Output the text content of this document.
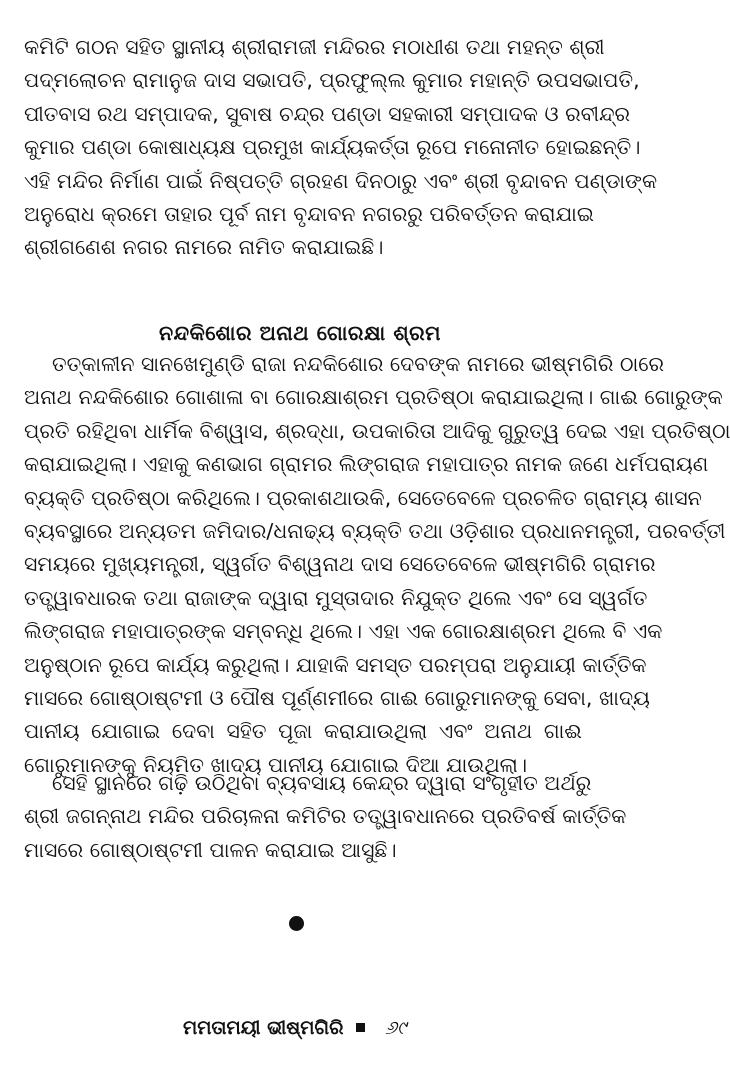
କମିଟି ଗଠନ ସହିତ ସ୍ଥାନୀୟ ଶ୍ରୀରାମଜୀ ମନ୍ଦିରର ମଠାଧୀଶ ତଥା ମହନ୍ତ ଶ୍ରୀ
ପଦ୍ମଲୋଚନ ରାମାନୁଜ ଦାସ ସଭାପତି, ପ୍ରଫୁଲ୍ଲ କୁମାର ମହାନ୍ତି ଉପସଭାପତି,
ପୀତବାସ ରଥ ସମ୍ପାଦକ, ସୁବାଷ ଚନ୍ଦ୍ର ପଣ୍ଡା ସହକାରୀ ସମ୍ପାଦକ ଓ ରବୀନ୍ଦ୍ର
କୁମାର ପଣ୍ଡା କୋଷାଧ୍ୟକ୍ଷ ପ୍ରମୁଖ କାର୍ଯ୍ୟକର୍ତ୍ତା ରୂପେ ମନୋନୀତ ହୋଇଛନ୍ତି।
ଏହି ମନ୍ଦିର ନିର୍ମାଣ ପାଇଁ ନିଷ୍ପତ୍ତି ଗ୍ରହଣ ଦିନଠାରୁ ଏବଂ ଶ୍ରୀ ବୃନ୍ଦାବନ ପଣ୍ଡାଙ୍କ
ଅନୁରୋଧ କ୍ରମେ ତାହାର ପୂର୍ବ ନାମ ବୃନ୍ଦାବନ ନଗରରୁ ପରିବର୍ତ୍ତନ କରାଯାଇ
ଶ୍ରୀଗଣେଶ ନଗର ନାମରେ ନାମିତ କରାଯାଇଛି।
ନନ୍ଦକିଶୋର ଅନାଥ ଗୋରକ୍ଷା ଶ୍ରମ
ତତ୍କାଳୀନ ସାନଖେମୁଣ୍ଡି ରାଜା ନନ୍ଦକିଶୋର ଦେବଙ୍କ ନାମରେ ଭୀଷ୍ମଗିରି ଠାରେ
ଅନାଥ ନନ୍ଦକିଶୋର ଗୋଶାଳା ବା ଗୋରକ୍ଷାଶ୍ରମ ପ୍ରତିଷ୍ଠା କରାଯାଇଥିଲା। ଗାଈ ଗୋରୁଙ୍କ
ପ୍ରତି ରହିଥିବା ଧାର୍ମିକ ବିଶ୍ୱାସ, ଶ୍ରଦ୍ଧା, ଉପକାରିତା ଆଦିକୁ ଗୁରୁତ୍ୱ ଦେଇ ଏହା ପ୍ରତିଷ୍ଠା
କରାଯାଇଥିଲା। ଏହାକୁ କଣଭାଗ ଗ୍ରାମର ଲିଙ୍ଗରାଜ ମହାପାତ୍ର ନାମକ ଜଣେ ଧର୍ମପରାୟଣ
ବ୍ୟକ୍ତି ପ୍ରତିଷ୍ଠା କରିଥିଲେ। ପ୍ରକାଶଥାଉକି, ସେତେବେଳେ ପ୍ରଚଳିତ ଗ୍ରାମ୍ୟ ଶାସନ
ବ୍ୟବସ୍ଥାରେ ଅନ୍ୟତମ ଜମିଦାର/ଧନାଢ୍ୟ ବ୍ୟକ୍ତି ତଥା ଓଡ଼ିଶାର ପ୍ରଧାନମନ୍ତ୍ରୀ, ପରବର୍ତ୍ତୀ
ସମୟରେ ମୁଖ୍ୟମନ୍ତ୍ରୀ, ସ୍ୱର୍ଗତ ବିଶ୍ୱନାଥ ଦାସ ସେତେବେଳେ ଭୀଷ୍ମଗିରି ଗ୍ରାମର
ତତ୍ତ୍ୱାବଧାରକ ତଥା ରାଜାଙ୍କ ଦ୍ୱାରା ମୁସ୍ତାଦାର ନିଯୁକ୍ତ ଥିଲେ ଏବଂ ସେ ସ୍ୱର୍ଗତ
ଲିଙ୍ଗରାଜ ମହାପାତ୍ରଙ୍କ ସମ୍ବନ୍ଧି ଥିଲେ। ଏହା ଏକ ଗୋରକ୍ଷାଶ୍ରମ ଥିଲେ ବି ଏକ
ଅନୁଷ୍ଠାନ ରୂପେ କାର୍ଯ୍ୟ କରୁଥିଲା। ଯାହାକି ସମସ୍ତ ପରମ୍ପରା ଅନୁଯାୟୀ କାର୍ତ୍ତିକ
ମାସରେ ଗୋଷ୍ଠାଷ୍ଟମୀ ଓ ପୌଷ ପୂର୍ଣ୍ଣମୀରେ ଗାଈ ଗୋରୁମାନଙ୍କୁ ସେବା, ଖାଦ୍ୟ
ପାନୀୟ ଯୋଗାଇ ଦେବା ସହିତ ପୂଜା କରାଯାଉଥିଲା ଏବଂ ଅନାଥ ଗାଈ
ଗୋରୁମାନଙ୍କୁ ନିୟମିତ ଖାଦ୍ୟ ପାନୀୟ ଯୋଗାଇ ଦିଆ ଯାଉଥିଲା।
ସେହି ସ୍ଥାନରେ ଗଢ଼ି ଉଠିଥିବା ବ୍ୟବସାୟ କେନ୍ଦ୍ର ଦ୍ୱାରା ସଂଗୃହୀତ ଅର୍ଥରୁ
ଶ୍ରୀ ଜଗନ୍ନାଥ ମନ୍ଦିର ପରିଚାଳନା କମିଟିର ତତ୍ତ୍ୱାବଧାନରେ ପ୍ରତିବର୍ଷ କାର୍ତ୍ତିକ
ମାସରେ ଗୋଷ୍ଠାଷ୍ଟମୀ ପାଳନ କରାଯାଇ ଆସୁଛି।
ମମତାମୟୀ ଭୀଷ୍ମଗିରି ୬୯
